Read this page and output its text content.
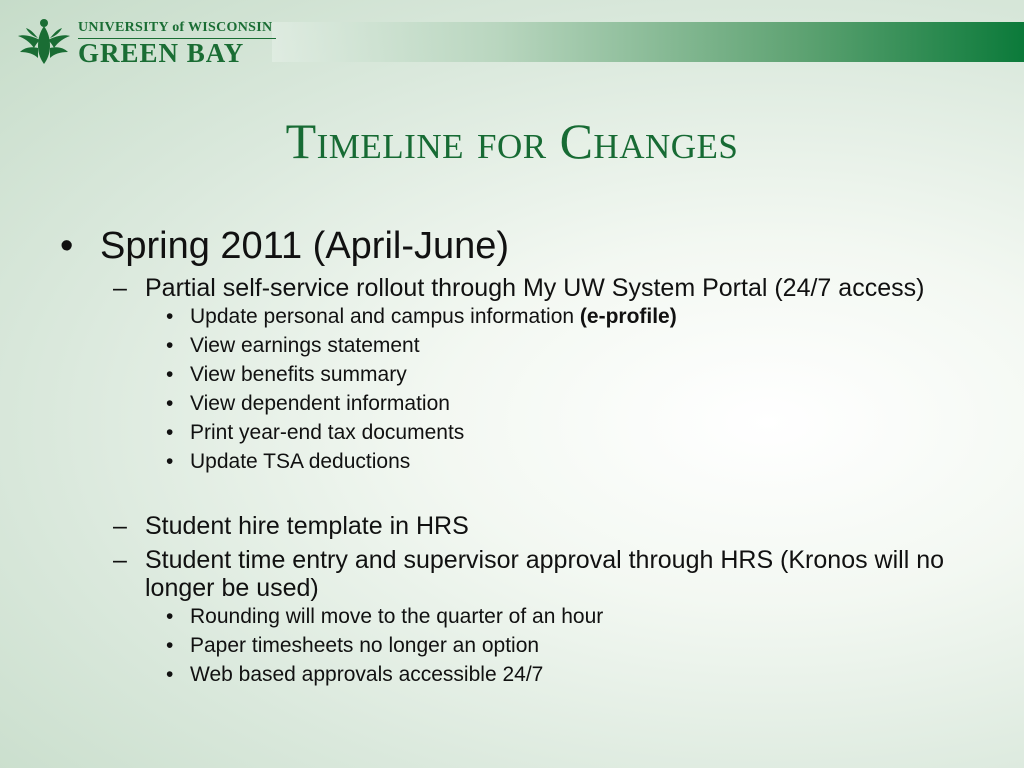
UNIVERSITY of WISCONSIN
GREEN BAY
Timeline for Changes
• Spring 2011 (April-June)
– Partial self-service rollout through My UW System Portal (24/7 access)
• Update personal and campus information (e-profile)
• View earnings statement
• View benefits summary
• View dependent information
• Print year-end tax documents
• Update TSA deductions
– Student hire template in HRS
– Student time entry and supervisor approval through HRS (Kronos will no longer be used)
• Rounding will move to the quarter of an hour
• Paper timesheets no longer an option
• Web based approvals accessible 24/7
